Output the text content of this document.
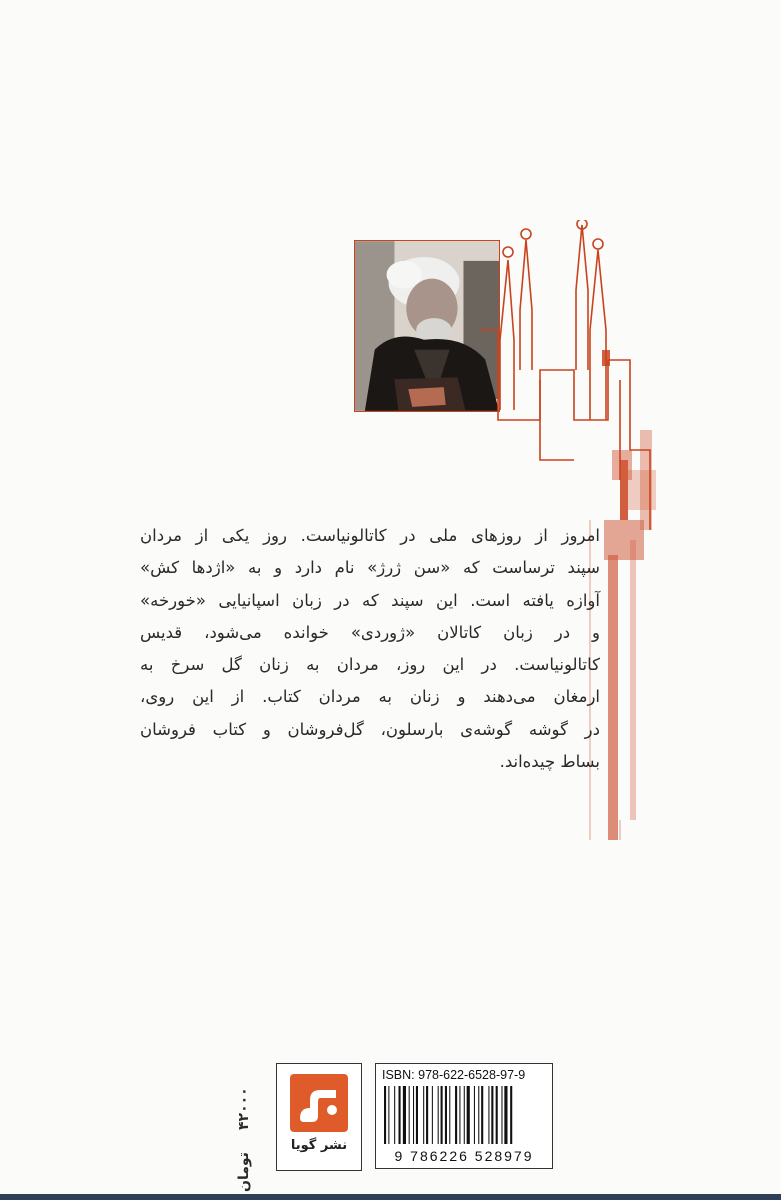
امروز از روزهای ملی در کاتالونیاست. روز یکی از مردان
سپند ترساست که «سن ژرژ» نام دارد و به «اژدها کش»
آوازه یافته است. این سپند که در زبان اسپانیایی «خورخه»
و در زبان کاتالان «ژوردی» خوانده می‌شود، قدیس
کاتالونیاست. در این روز، مردان به زنان گل سرخ به
ارمغان می‌دهند و زنان به مردان کتاب. از این روی،
در گوشه گوشه‌ی بارسلون، گل‌فروشان و کتاب فروشان
بساط چیده‌اند.
۴۲۰۰۰
تومان
نشر گویا
ISBN: 978-622-6528-97-9
9 786226 528979
